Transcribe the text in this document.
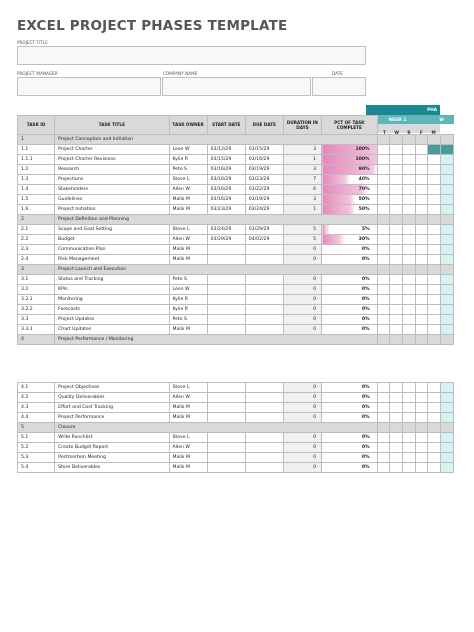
EXCEL PROJECT PHASES TEMPLATE
PROJECT TITLE
PROJECT MANAGER	COMPANY NAME	DATE
PHA
WEEK 1	W
T W R F M
TASK ID	TASK TITLE	TASK OWNER	START DATE	DUE DATE	DURATION IN DAYS	PCT OF TASK COMPLETE						
1	Project Conception and Initiation											
1.1	Project Charter	Leon W	03/12/29	03/15/29	3	100%						
1.1.1	Project Charter Revisions	Kylie R	03/15/29	03/16/29	1	100%						
1.2	Research	Pete S	03/16/29	03/19/29	3	90%						
1.3	Projections	Steve L	03/16/29	03/23/29	7	40%						
1.4	Stakeholders	Allen W	03/16/29	03/22/29	6	70%						
1.5	Guidelines	Malik M	03/16/29	03/19/29	3	50%						
1.6	Project Initiation	Malik M	03/23/29	03/24/29	1	50%						
2	Project Definition and Planning											
2.1	Scope and Goal Setting	Steve L	03/24/29	03/29/29	5	5%						
2.2	Budget	Allen W	03/29/29	04/02/29	5	30%						
2.3	Communication Plan	Malik M			0	0%						
2.4	Risk Management	Malik M			0	0%						
3	Project Launch and Execution											
3.1	Status and Tracking	Pete S			0	0%						
3.2	KPIs	Leon W			0	0%						
3.2.1	Monitoring	Kylie R			0	0%						
3.2.2	Forecasts	Kylie R			0	0%						
3.3	Project Updates	Pete S			0	0%						
3.3.1	Chart Updates	Malik M			0	0%						
4	Project Performance / Monitoring											
4.1	Project Objectives	Steve L			0	0%						
4.2	Quality Deliverables	Allen W			0	0%						
4.3	Effort and Cost Tracking	Malik M			0	0%						
4.4	Project Performance	Malik M			0	0%						
5	Closure											
5.1	Write Punchlist	Steve L			0	0%						
5.2	Create Budget Report	Allen W			0	0%						
5.3	Postmortem Meeting	Malik M			0	0%						
5.4	Store Deliverables	Malik M			0	0%						
